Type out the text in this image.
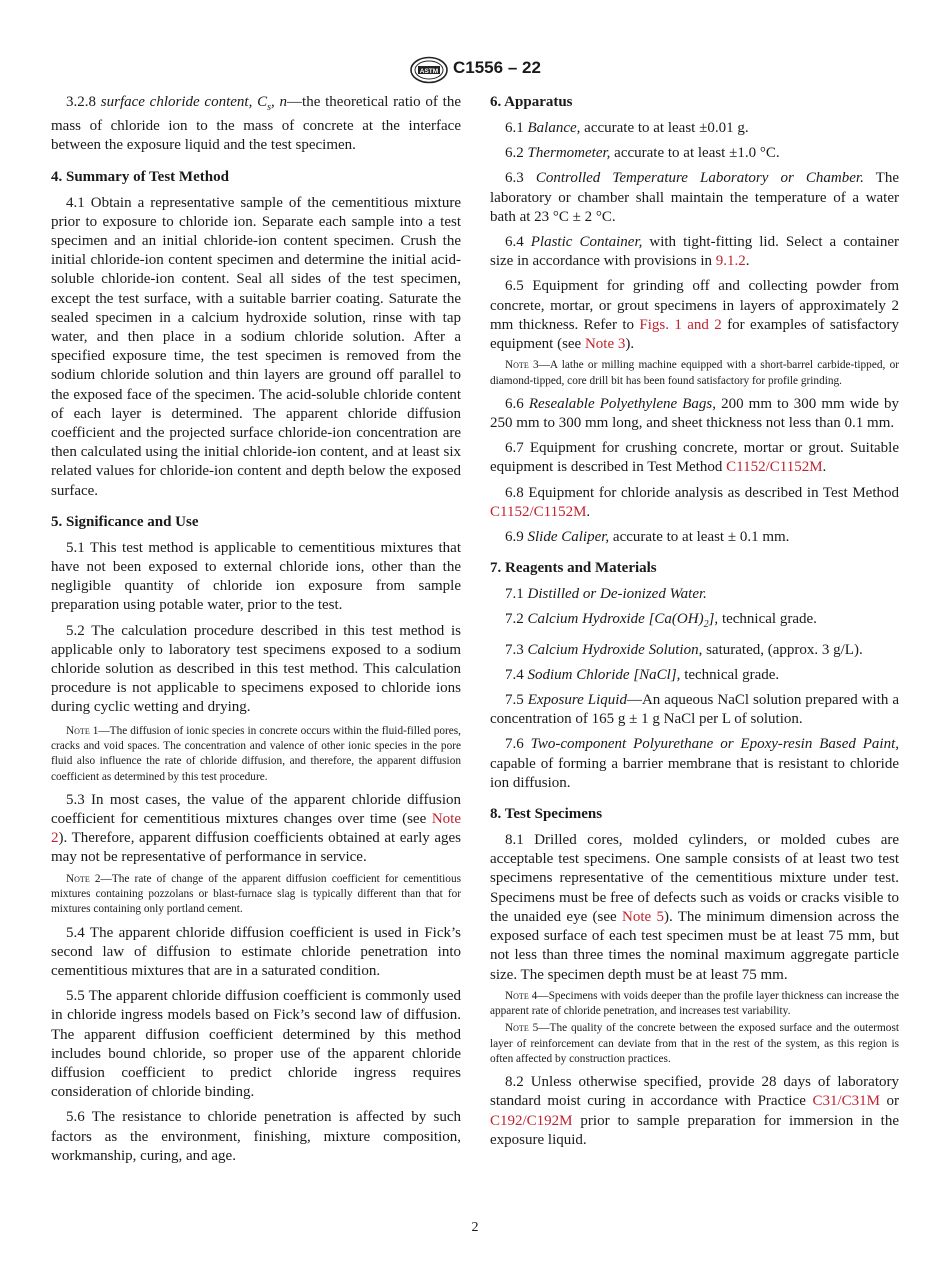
ASTM C1556 – 22

3.2.8 surface chloride content, $C_s$, n—the theoretical ratio of the mass of chloride ion to the mass of concrete at the interface between the exposure liquid and the test specimen.

4. Summary of Test Method

4.1 Obtain a representative sample of the cementitious mixture prior to exposure to chloride ion. Separate each sample into a test specimen and an initial chloride-ion content specimen. Crush the initial chloride-ion content specimen and determine the initial acid-soluble chloride-ion content. Seal all sides of the test specimen, except the test surface, with a suitable barrier coating. Saturate the sealed specimen in a calcium hydroxide solution, rinse with tap water, and then place in a sodium chloride solution. After a specified exposure time, the test specimen is removed from the sodium chloride solution and thin layers are ground off parallel to the exposed face of the specimen. The acid-soluble chloride content of each layer is determined. The apparent chloride diffusion coefficient and the projected surface chloride-ion concentration are then calculated using the initial chloride-ion content, and at least six related values for chloride-ion content and depth below the exposed surface.

5. Significance and Use

5.1 This test method is applicable to cementitious mixtures that have not been exposed to external chloride ions, other than the negligible quantity of chloride ion exposure from sample preparation using potable water, prior to the test.

5.2 The calculation procedure described in this test method is applicable only to laboratory test specimens exposed to a sodium chloride solution as described in this test method. This calculation procedure is not applicable to specimens exposed to chloride ions during cyclic wetting and drying.

Note 1—The diffusion of ionic species in concrete occurs within the fluid-filled pores, cracks and void spaces. The concentration and valence of other ionic species in the pore fluid also influence the rate of chloride diffusion, and therefore, the apparent diffusion coefficient as determined by this test procedure.

5.3 In most cases, the value of the apparent chloride diffusion coefficient for cementitious mixtures changes over time (see Note 2). Therefore, apparent diffusion coefficients obtained at early ages may not be representative of performance in service.

Note 2—The rate of change of the apparent diffusion coefficient for cementitious mixtures containing pozzolans or blast-furnace slag is typically different than that for mixtures containing only portland cement.

5.4 The apparent chloride diffusion coefficient is used in Fick’s second law of diffusion to estimate chloride penetration into cementitious mixtures that are in a saturated condition.

5.5 The apparent chloride diffusion coefficient is commonly used in chloride ingress models based on Fick’s second law of diffusion. The apparent diffusion coefficient determined by this method includes bound chloride, so proper use of the apparent chloride diffusion coefficient to predict chloride ingress requires consideration of chloride binding.

5.6 The resistance to chloride penetration is affected by such factors as the environment, finishing, mixture composition, workmanship, curing, and age.

6. Apparatus
6.1 Balance, accurate to at least ±0.01 g.
6.2 Thermometer, accurate to at least ±1.0 °C.

6.3 Controlled Temperature Laboratory or Chamber. The laboratory or chamber shall maintain the temperature of a water bath at 23 °C ± 2 °C.

6.4 Plastic Container, with tight-fitting lid. Select a container size in accordance with provisions in 9.1.2.

6.5 Equipment for grinding off and collecting powder from concrete, mortar, or grout specimens in layers of approximately 2 mm thickness. Refer to Figs. 1 and 2 for examples of satisfactory equipment (see Note 3).

Note 3—A lathe or milling machine equipped with a short-barrel carbide-tipped, or diamond-tipped, core drill bit has been found satisfactory for profile grinding.

6.6 Resealable Polyethylene Bags, 200 mm to 300 mm wide by 250 mm to 300 mm long, and sheet thickness not less than 0.1 mm.

6.7 Equipment for crushing concrete, mortar or grout. Suitable equipment is described in Test Method C1152/C1152M.

6.8 Equipment for chloride analysis as described in Test Method C1152/C1152M.

6.9 Slide Caliper, accurate to at least ± 0.1 mm.
7. Reagents and Materials
7.1 Distilled or De-ionized Water.
7.2 Calcium Hydroxide $[Ca(OH)_2]$, technical grade.
7.3 Calcium Hydroxide Solution, saturated, (approx. 3 g/L).
7.4 Sodium Chloride [NaCl], technical grade.

7.5 Exposure Liquid—An aqueous NaCl solution prepared with a concentration of 165 g ± 1 g NaCl per L of solution.

7.6 Two-component Polyurethane or Epoxy-resin Based Paint, capable of forming a barrier membrane that is resistant to chloride ion diffusion.

8. Test Specimens

8.1 Drilled cores, molded cylinders, or molded cubes are acceptable test specimens. One sample consists of at least two test specimens representative of the cementitious mixture under test. Specimens must be free of defects such as voids or cracks visible to the unaided eye (see Note 5). The minimum dimension across the exposed surface of each test specimen must be at least 75 mm, but not less than three times the nominal maximum aggregate particle size. The specimen depth must be at least 75 mm.

Note 4—Specimens with voids deeper than the profile layer thickness can increase the apparent rate of chloride penetration, and increases test variability.
Note 5—The quality of the concrete between the exposed surface and the outermost layer of reinforcement can deviate from that in the rest of the system, as this region is often affected by construction practices.

8.2 Unless otherwise specified, provide 28 days of laboratory standard moist curing in accordance with Practice C31/C31M or C192/C192M prior to sample preparation for immersion in the exposure liquid.

2
